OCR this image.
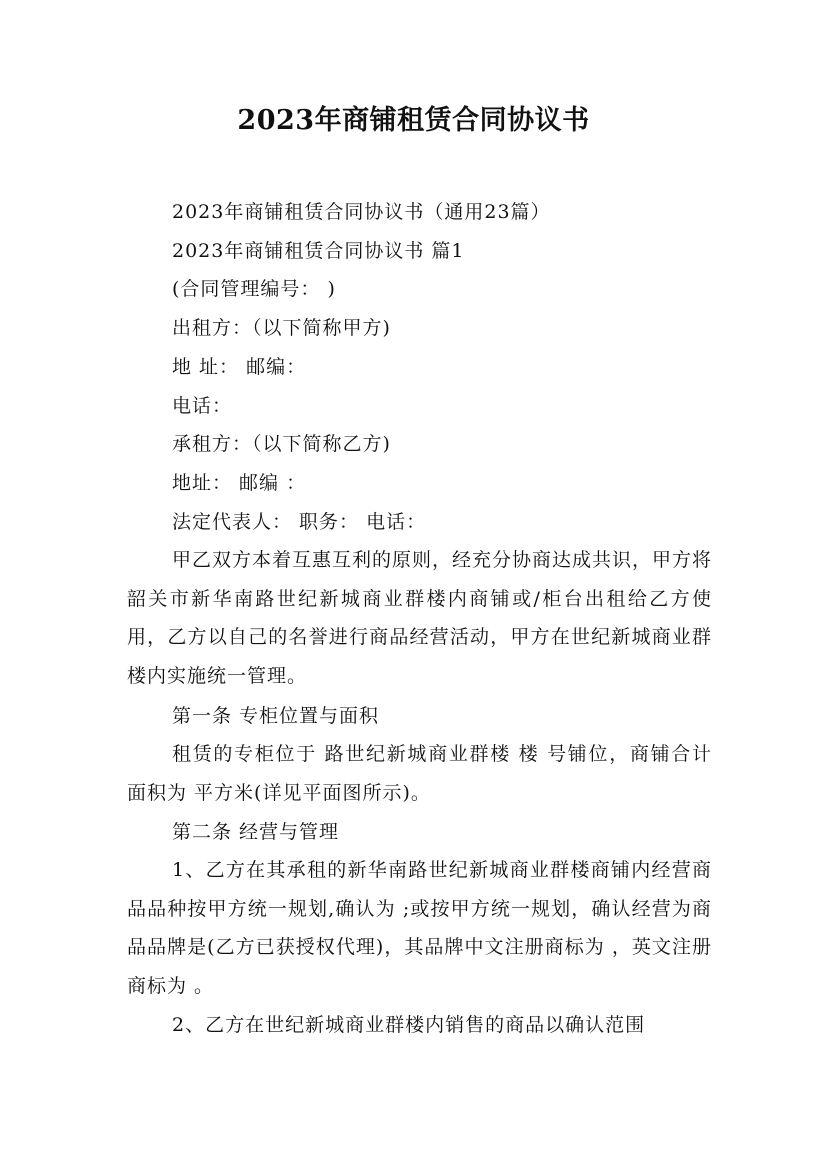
2023年商铺租赁合同协议书
2023年商铺租赁合同协议书（通用23篇）
2023年商铺租赁合同协议书 篇1
(合同管理编号： )
出租方：（以下简称甲方)
地 址： 邮编：
电话：
承租方：（以下简称乙方)
地址： 邮编 ：
法定代表人： 职务： 电话：
甲乙双方本着互惠互利的原则，经充分协商达成共识，甲方将韶关市新华南路世纪新城商业群楼内商铺或/柜台出租给乙方使用，乙方以自己的名誉进行商品经营活动，甲方在世纪新城商业群楼内实施统一管理。
第一条 专柜位置与面积
租赁的专柜位于 路世纪新城商业群楼 楼 号铺位，商铺合计面积为 平方米(详见平面图所示)。
第二条 经营与管理
1、乙方在其承租的新华南路世纪新城商业群楼商铺内经营商品品种按甲方统一规划,确认为 ;或按甲方统一规划，确认经营为商品品牌是(乙方已获授权代理)，其品牌中文注册商标为 ，英文注册商标为 。
2、乙方在世纪新城商业群楼内销售的商品以确认范围
